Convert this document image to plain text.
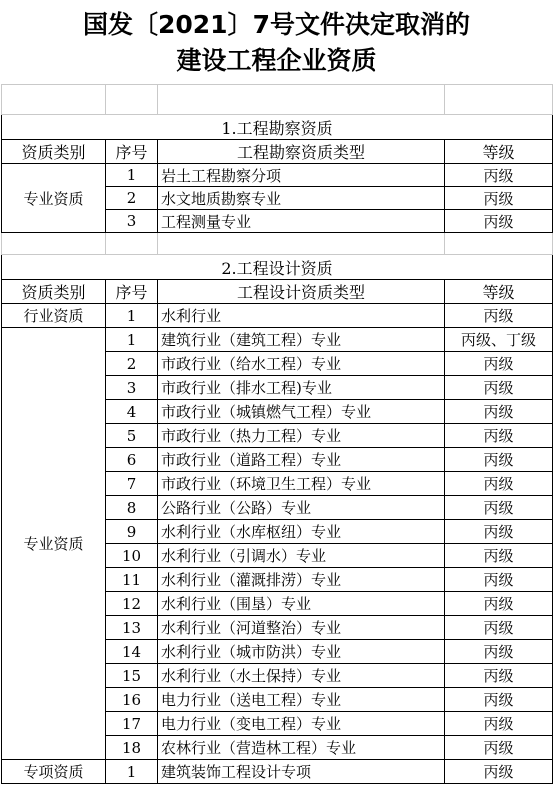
国发〔2021〕7号文件决定取消的
建设工程企业资质

1.工程勘察资质			
资质类别	序号	工程勘察资质类型	等级
专业资质	1	岩土工程勘察分项	丙级
	2	水文地质勘察专业	丙级
	3	工程测量专业	丙级

2.工程设计资质			
资质类别	序号	工程设计资质类型	等级
行业资质	1	水利行业	丙级
专业资质	1	建筑行业（建筑工程）专业	丙级、丁级
	2	市政行业（给水工程）专业	丙级
	3	市政行业（排水工程)专业	丙级
	4	市政行业（城镇燃气工程）专业	丙级
	5	市政行业（热力工程）专业	丙级
	6	市政行业（道路工程）专业	丙级
	7	市政行业（环境卫生工程）专业	丙级
	8	公路行业（公路）专业	丙级
	9	水利行业（水库枢纽）专业	丙级
	10	水利行业（引调水）专业	丙级
	11	水利行业（灌溉排涝）专业	丙级
	12	水利行业（围垦）专业	丙级
	13	水利行业（河道整治）专业	丙级
	14	水利行业（城市防洪）专业	丙级
	15	水利行业（水土保持）专业	丙级
	16	电力行业（送电工程）专业	丙级
	17	电力行业（变电工程）专业	丙级
	18	农林行业（营造林工程）专业	丙级
专项资质	1	建筑装饰工程设计专项	丙级
